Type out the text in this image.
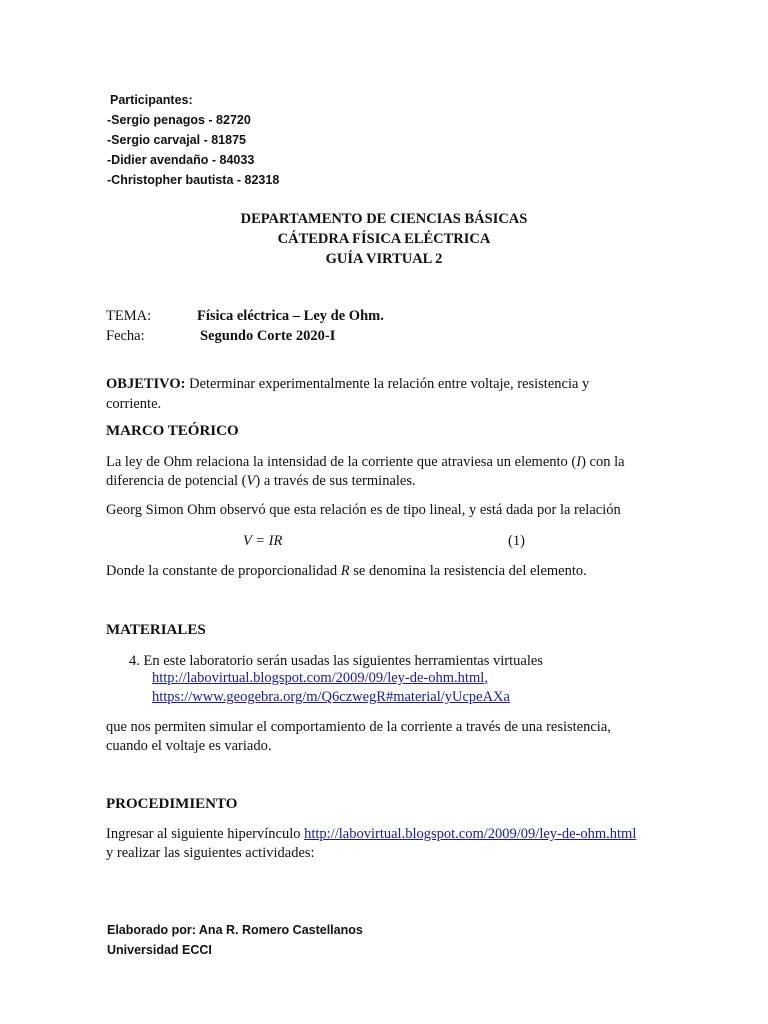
Participantes:
-Sergio penagos - 82720
-Sergio carvajal - 81875
-Didier avendaño - 84033
-Christopher bautista - 82318
DEPARTAMENTO DE CIENCIAS BÁSICAS
CÁTEDRA FÍSICA ELÉCTRICA
GUÍA VIRTUAL 2
TEMA:	Física eléctrica – Ley de Ohm.
Fecha:	Segundo Corte 2020-I
OBJETIVO: Determinar experimentalmente la relación entre voltaje, resistencia y
corriente.
MARCO TEÓRICO
La ley de Ohm relaciona la intensidad de la corriente que atraviesa un elemento (I) con la
diferencia de potencial (V) a través de sus terminales.
Georg Simon Ohm observó que esta relación es de tipo lineal, y está dada por la relación
V = IR	(1)
Donde la constante de proporcionalidad R se denomina la resistencia del elemento.
MATERIALES
4. En este laboratorio serán usadas las siguientes herramientas virtuales
http://labovirtual.blogspot.com/2009/09/ley-de-ohm.html,
https://www.geogebra.org/m/Q6czwegR#material/yUcpeAXa
que nos permiten simular el comportamiento de la corriente a través de una resistencia,
cuando el voltaje es variado.
PROCEDIMIENTO
Ingresar al siguiente hipervínculo http://labovirtual.blogspot.com/2009/09/ley-de-ohm.html
y realizar las siguientes actividades:
Elaborado por: Ana R. Romero Castellanos
Universidad ECCI
